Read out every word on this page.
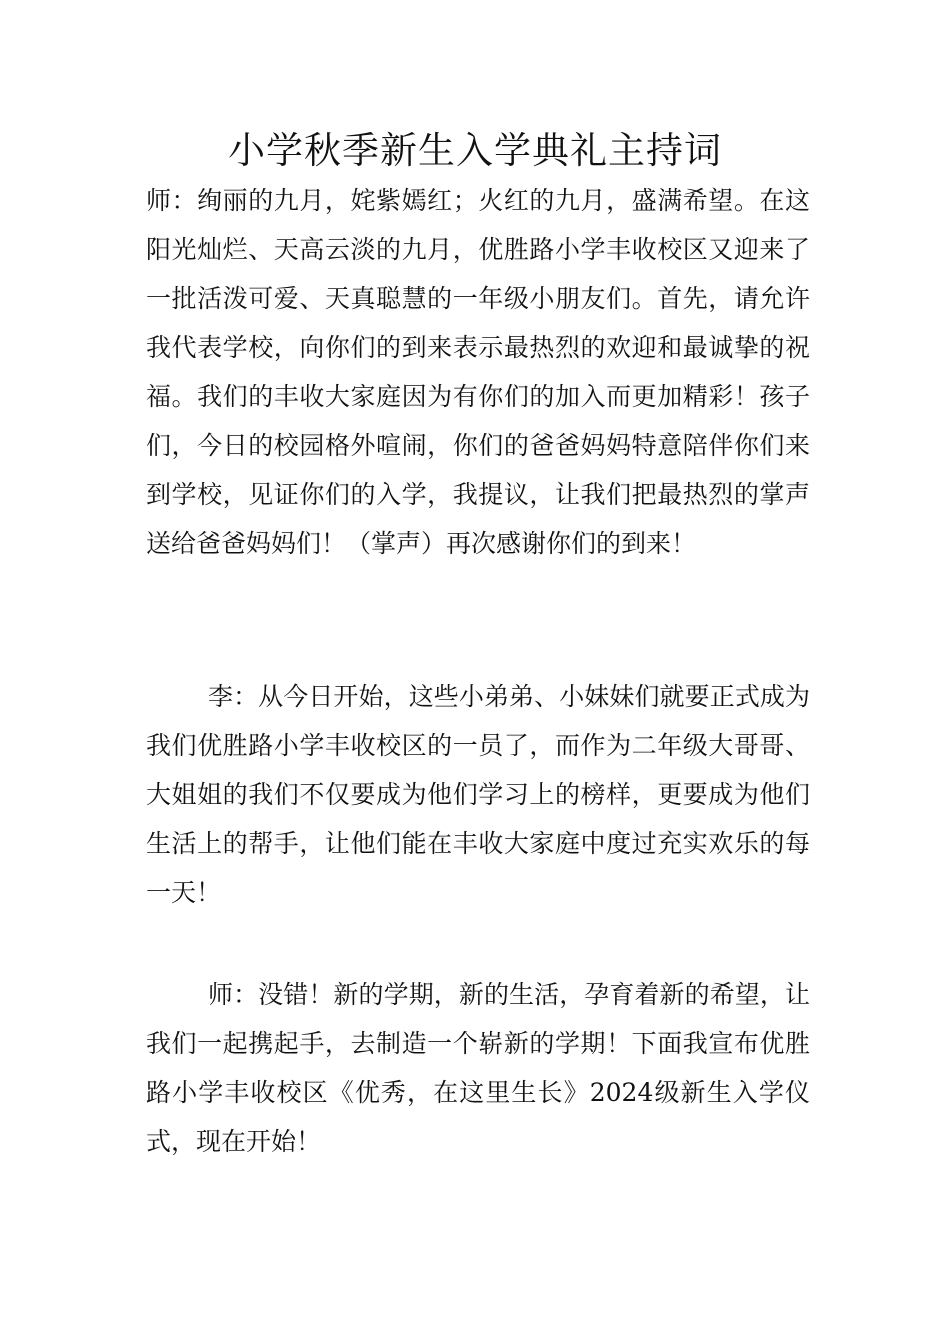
小学秋季新生入学典礼主持词

师：绚丽的九月，姹紫嫣红；火红的九月，盛满希望。在这阳光灿烂、天高云淡的九月，优胜路小学丰收校区又迎来了一批活泼可爱、天真聪慧的一年级小朋友们。首先，请允许我代表学校，向你们的到来表示最热烈的欢迎和最诚挚的祝福。我们的丰收大家庭因为有你们的加入而更加精彩！孩子们，今日的校园格外喧闹，你们的爸爸妈妈特意陪伴你们来到学校，见证你们的入学，我提议，让我们把最热烈的掌声送给爸爸妈妈们！（掌声）再次感谢你们的到来！

李：从今日开始，这些小弟弟、小妹妹们就要正式成为我们优胜路小学丰收校区的一员了，而作为二年级大哥哥、大姐姐的我们不仅要成为他们学习上的榜样，更要成为他们生活上的帮手，让他们能在丰收大家庭中度过充实欢乐的每一天！

师：没错！新的学期，新的生活，孕育着新的希望，让我们一起携起手，去制造一个崭新的学期！下面我宣布优胜路小学丰收校区《优秀，在这里生长》2024级新生入学仪式，现在开始！
